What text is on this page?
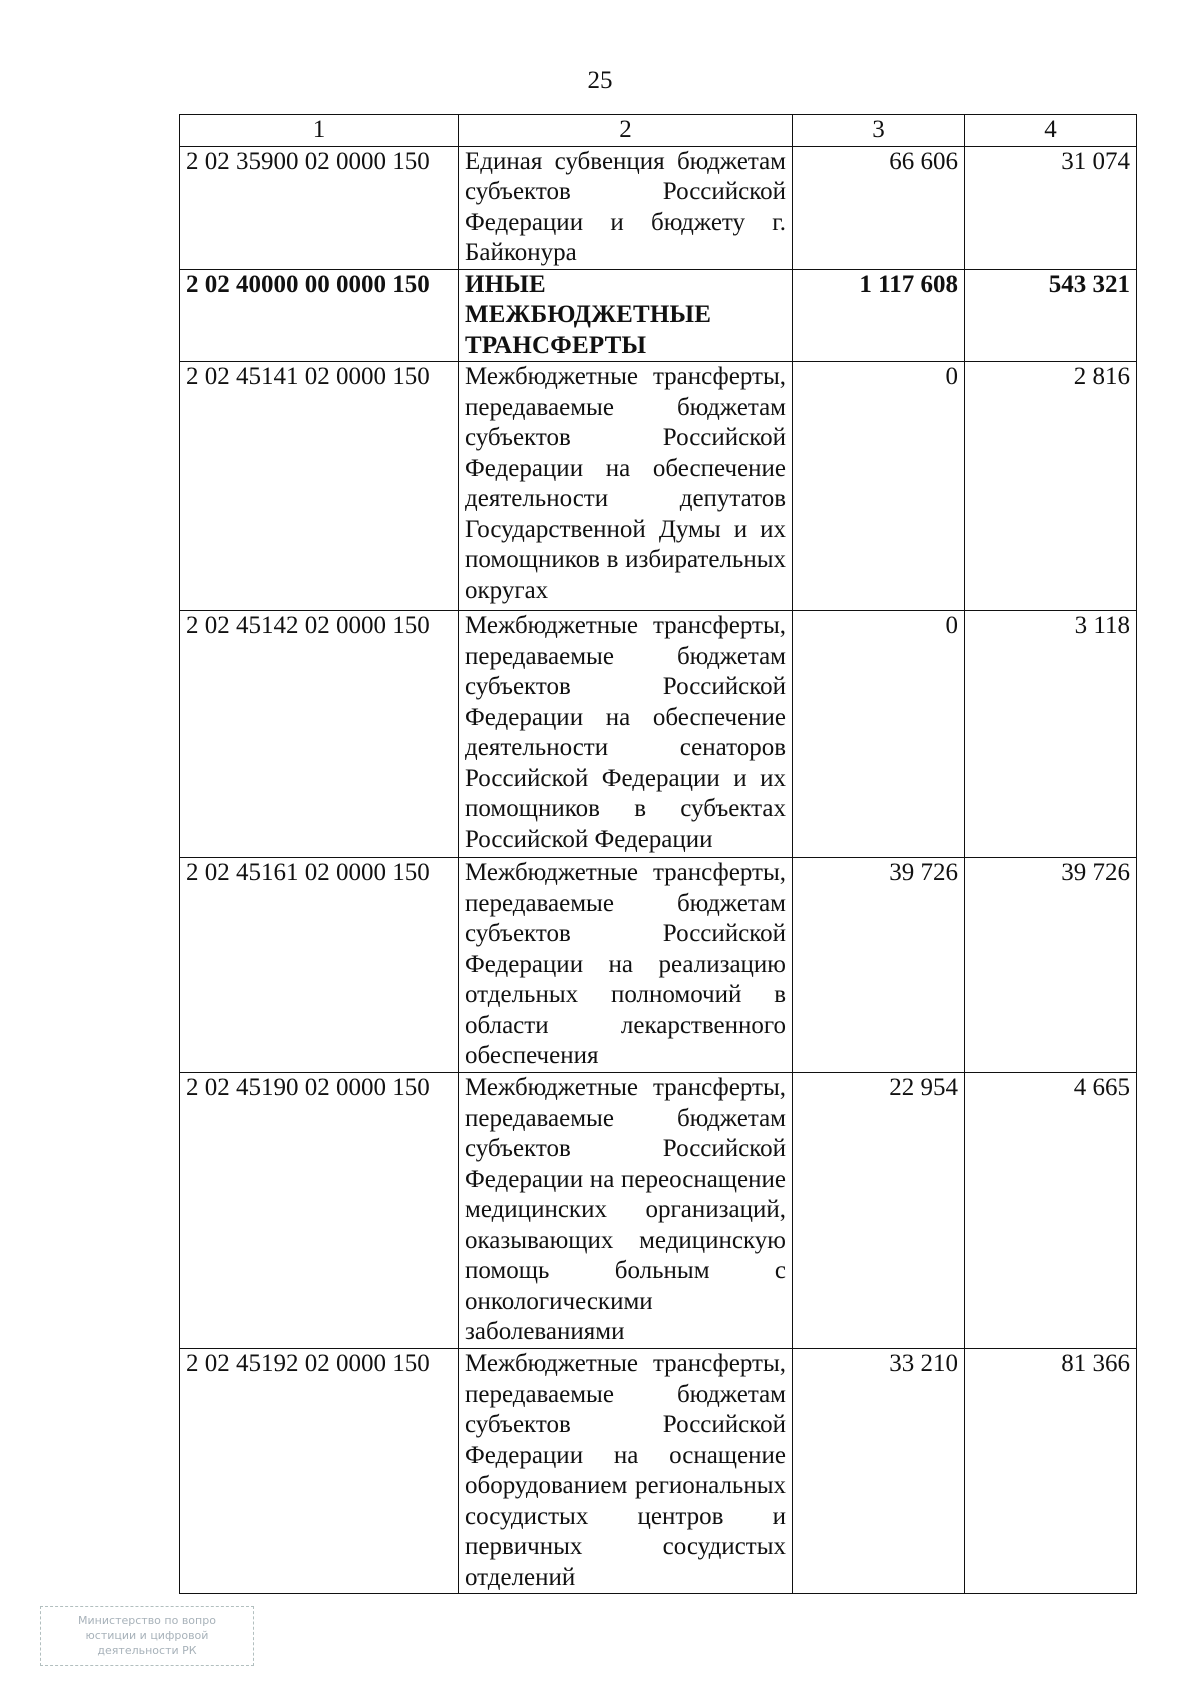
25
1	2	3	4
2 02 35900 02 0000 150	Единая субвенция бюджетам субъектов Российской Федерации и бюджету г. Байконура	66 606	31 074
2 02 40000 00 0000 150	ИНЫЕ МЕЖБЮДЖЕТНЫЕ ТРАНСФЕРТЫ	1 117 608	543 321
2 02 45141 02 0000 150	Межбюджетные трансферты, передаваемые бюджетам субъектов Российской Федерации на обеспечение деятельности депутатов Государственной Думы и их помощников в избирательных округах	0	2 816
2 02 45142 02 0000 150	Межбюджетные трансферты, передаваемые бюджетам субъектов Российской Федерации на обеспечение деятельности сенаторов Российской Федерации и их помощников в субъектах Российской Федерации	0	3 118
2 02 45161 02 0000 150	Межбюджетные трансферты, передаваемые бюджетам субъектов Российской Федерации на реализацию отдельных полномочий в области лекарственного обеспечения	39 726	39 726
2 02 45190 02 0000 150	Межбюджетные трансферты, передаваемые бюджетам субъектов Российской Федерации на переоснащение медицинских организаций, оказывающих медицинскую помощь больным с онкологическими заболеваниями	22 954	4 665
2 02 45192 02 0000 150	Межбюджетные трансферты, передаваемые бюджетам субъектов Российской Федерации на оснащение оборудованием региональных сосудистых центров и первичных сосудистых отделений	33 210	81 366
Министерство по вопро
юстиции и цифровой
деятельности РК
